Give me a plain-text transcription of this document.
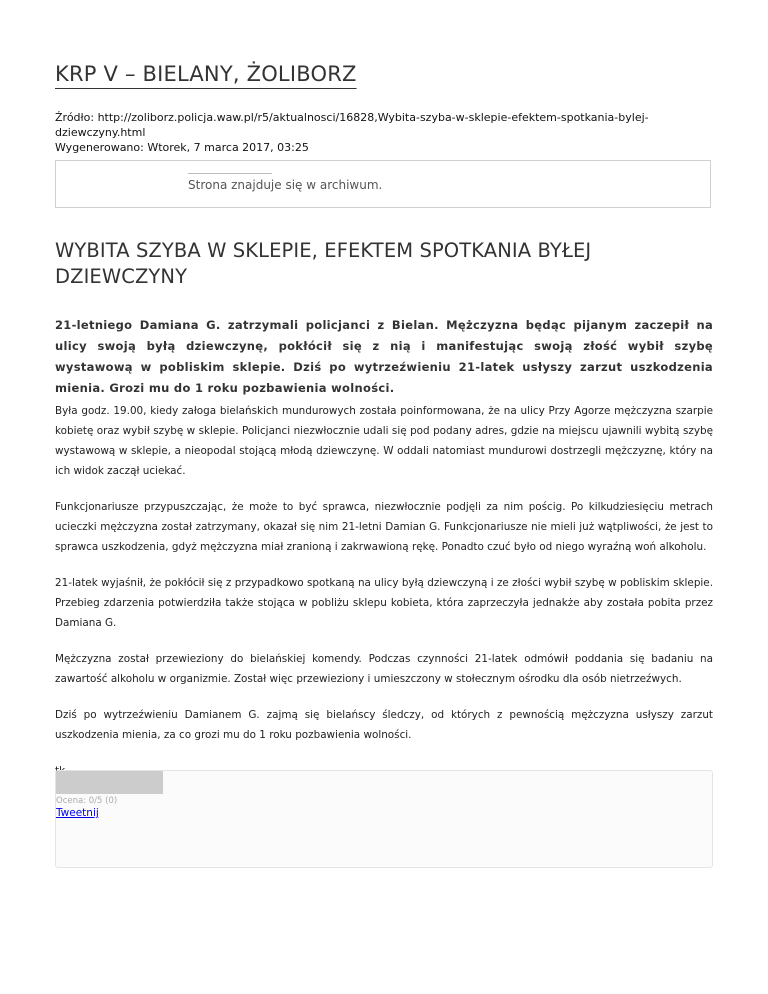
KRP V – BIELANY, ŻOLIBORZ
Źródło: http://zoliborz.policja.waw.pl/r5/aktualnosci/16828,Wybita-szyba-w-sklepie-efektem-spotkania-bylej-dziewczyny.html
Wygenerowano: Wtorek, 7 marca 2017, 03:25
Strona znajduje się w archiwum.
WYBITA SZYBA W SKLEPIE, EFEKTEM SPOTKANIA BYŁEJ DZIEWCZYNY

21-letniego Damiana G. zatrzymali policjanci z Bielan. Mężczyzna będąc pijanym zaczepił na ulicy swoją byłą dziewczynę, pokłócił się z nią i manifestując swoją złość wybił szybę wystawową w pobliskim sklepie. Dziś po wytrzeźwieniu 21-latek usłyszy zarzut uszkodzenia mienia. Grozi mu do 1 roku pozbawienia wolności.

Była godz. 19.00, kiedy załoga bielańskich mundurowych została poinformowana, że na ulicy Przy Agorze mężczyzna szarpie kobietę oraz wybił szybę w sklepie. Policjanci niezwłocznie udali się pod podany adres, gdzie na miejscu ujawnili wybitą szybę wystawową w sklepie, a nieopodal stojącą młodą dziewczynę. W oddali natomiast mundurowi dostrzegli mężczyznę, który na ich widok zaczął uciekać.

Funkcjonariusze przypuszczając, że może to być sprawca, niezwłocznie podjęli za nim pościg. Po kilkudziesięciu metrach ucieczki mężczyzna został zatrzymany, okazał się nim 21-letni Damian G. Funkcjonariusze nie mieli już wątpliwości, że jest to sprawca uszkodzenia, gdyż mężczyzna miał zranioną i zakrwawioną rękę. Ponadto czuć było od niego wyraźną woń alkoholu.

21-latek wyjaśnił, że pokłócił się z przypadkowo spotkaną na ulicy byłą dziewczyną i ze złości wybił szybę w pobliskim sklepie. Przebieg zdarzenia potwierdziła także stojąca w pobliżu sklepu kobieta, która zaprzeczyła jednakże aby została pobita przez Damiana G.

Mężczyzna został przewieziony do bielańskiej komendy. Podczas czynności 21-latek odmówił poddania się badaniu na zawartość alkoholu w organizmie. Został więc przewieziony i umieszczony w stołecznym ośrodku dla osób nietrzeźwych.

Dziś po wytrzeźwieniu Damianem G. zajmą się bielańscy śledczy, od których z pewnością mężczyzna usłyszy zarzut uszkodzenia mienia, za co grozi mu do 1 roku pozbawienia wolności.

Ocena: 0/5 (0)
Tweetnij
